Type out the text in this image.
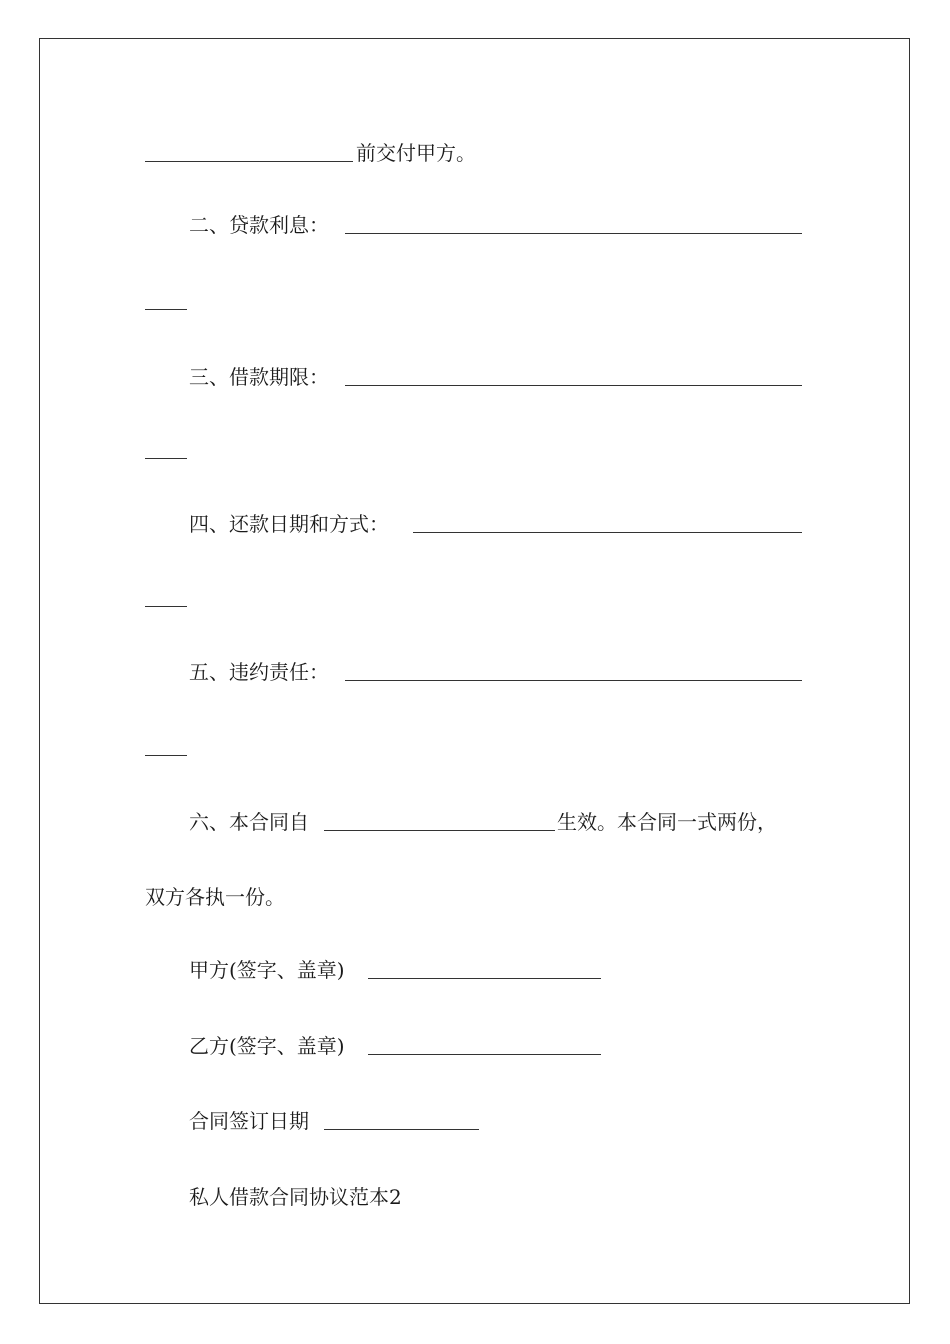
前交付甲方。
二、贷款利息：
三、借款期限：
四、还款日期和方式：
五、违约责任：
六、本合同自	生效。本合同一式两份，
双方各执一份。
甲方(签字、盖章)
乙方(签字、盖章)
合同签订日期
私人借款合同协议范本2
